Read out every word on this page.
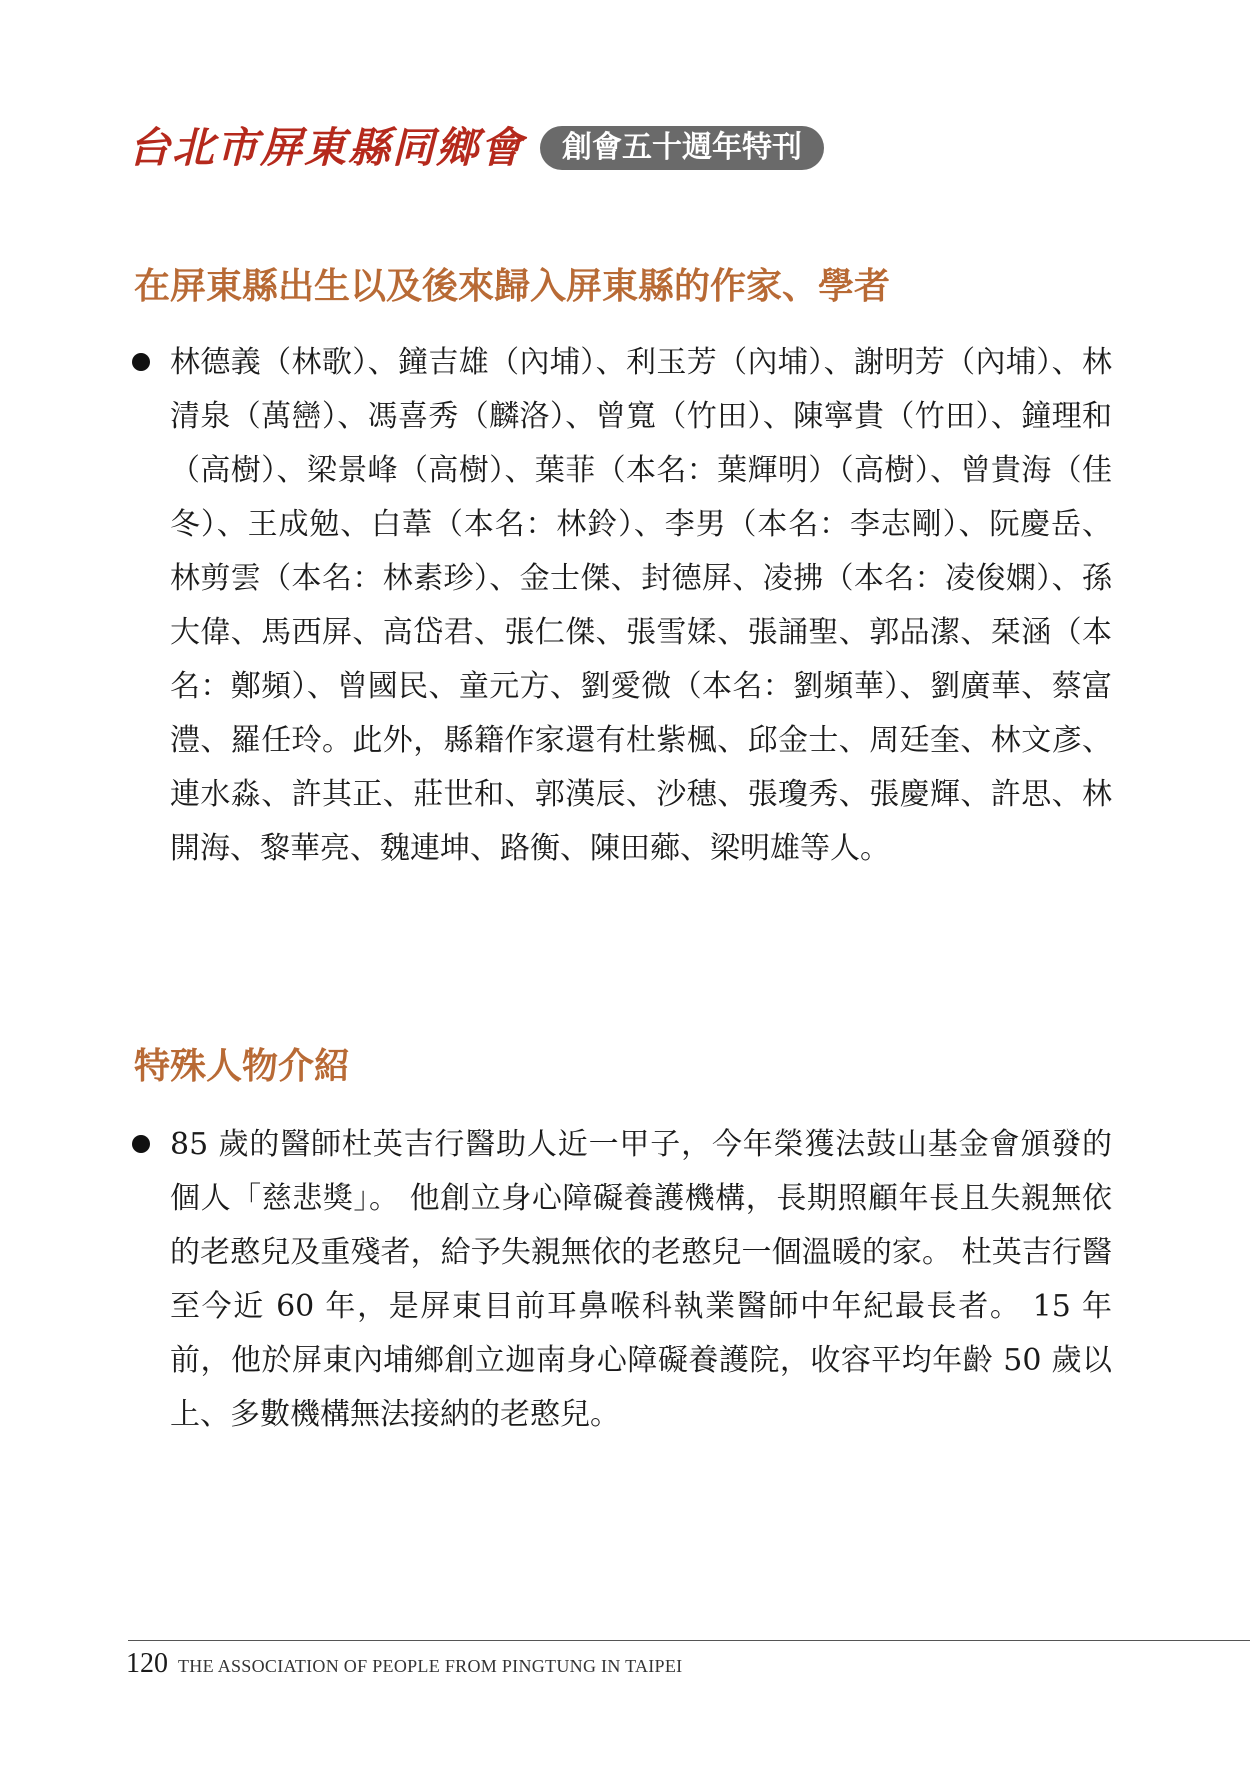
台北市屏東縣同鄉會	創會五十週年特刊
在屏東縣出生以及後來歸入屏東縣的作家、學者

林德義（林歌）、鐘吉雄（內埔）、利玉芳（內埔）、謝明芳（內埔）、林清泉（萬巒）、馮喜秀（麟洛）、曾寬（竹田）、陳寧貴（竹田）、鐘理和（高樹）、梁景峰（高樹）、葉菲（本名：葉輝明）（高樹）、曾貴海（佳冬）、王成勉、白葦（本名：林鈴）、李男（本名：李志剛）、阮慶岳、林剪雲（本名：林素珍）、金士傑、封德屏、凌拂（本名：凌俊嫻）、孫大偉、馬西屏、高岱君、張仁傑、張雪媃、張誦聖、郭品潔、栞涵（本名：鄭頻）、曾國民、童元方、劉愛微（本名：劉頻華）、劉廣華、蔡富澧、羅任玲。此外，縣籍作家還有杜紫楓、邱金士、周廷奎、林文彥、連水淼、許其正、莊世和、郭漢辰、沙穗、張瓊秀、張慶輝、許思、林開海、黎華亮、魏連坤、路衡、陳田薌、梁明雄等人。

特殊人物介紹

85 歲的醫師杜英吉行醫助人近一甲子，今年榮獲法鼓山基金會頒發的個人「慈悲獎」。 他創立身心障礙養護機構，長期照顧年長且失親無依的老憨兒及重殘者，給予失親無依的老憨兒一個溫暖的家。 杜英吉行醫至今近 60 年，是屏東目前耳鼻喉科執業醫師中年紀最長者。 15 年前，他於屏東內埔鄉創立迦南身心障礙養護院，收容平均年齡 50 歲以上、多數機構無法接納的老憨兒。

120 THE ASSOCIATION OF PEOPLE FROM PINGTUNG IN TAIPEI
